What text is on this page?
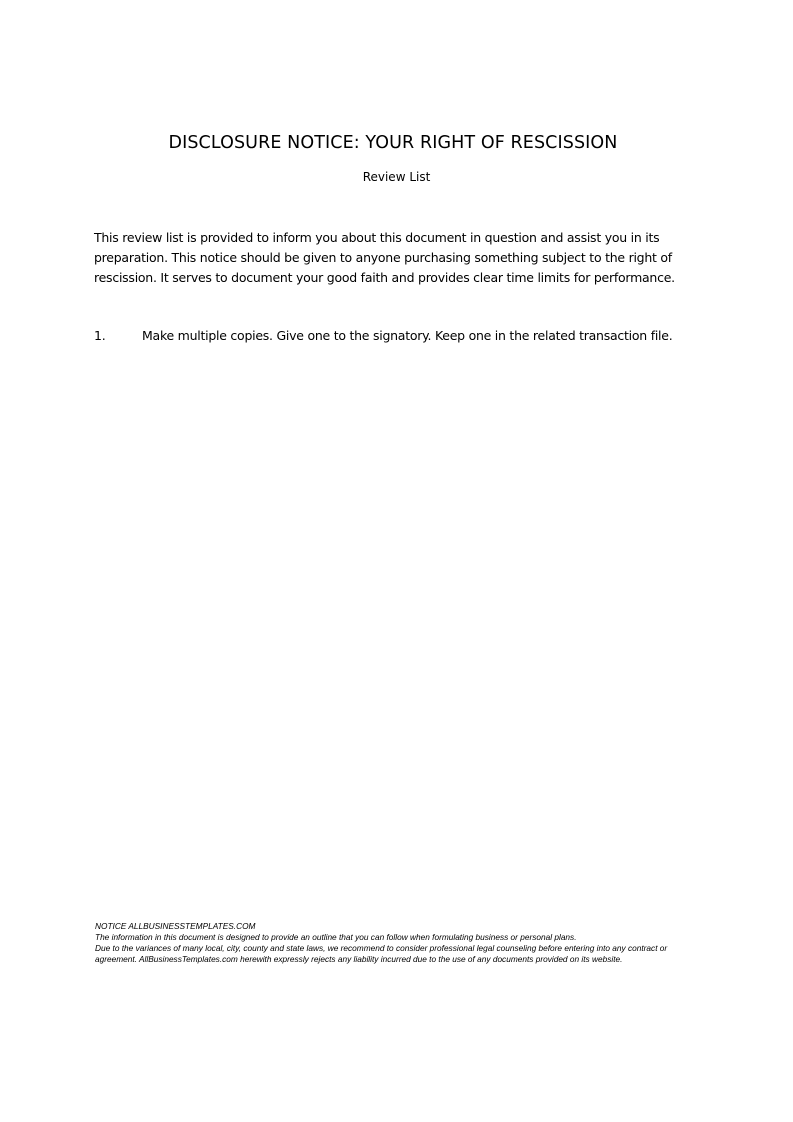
DISCLOSURE NOTICE: YOUR RIGHT OF RESCISSION
Review List

This review list is provided to inform you about this document in question and assist you in its preparation. This notice should be given to anyone purchasing something subject to the right of rescission. It serves to document your good faith and provides clear time limits for performance.

1.	Make multiple copies. Give one to the signatory. Keep one in the related transaction file.
NOTICE ALLBUSINESSTEMPLATES.COM
The information in this document is designed to provide an outline that you can follow when formulating business or personal plans.
Due to the variances of many local, city, county and state laws, we recommend to consider professional legal counseling before entering into any contract or agreement. AllBusinessTemplates.com herewith expressly rejects any liability incurred due to the use of any documents provided on its website.
